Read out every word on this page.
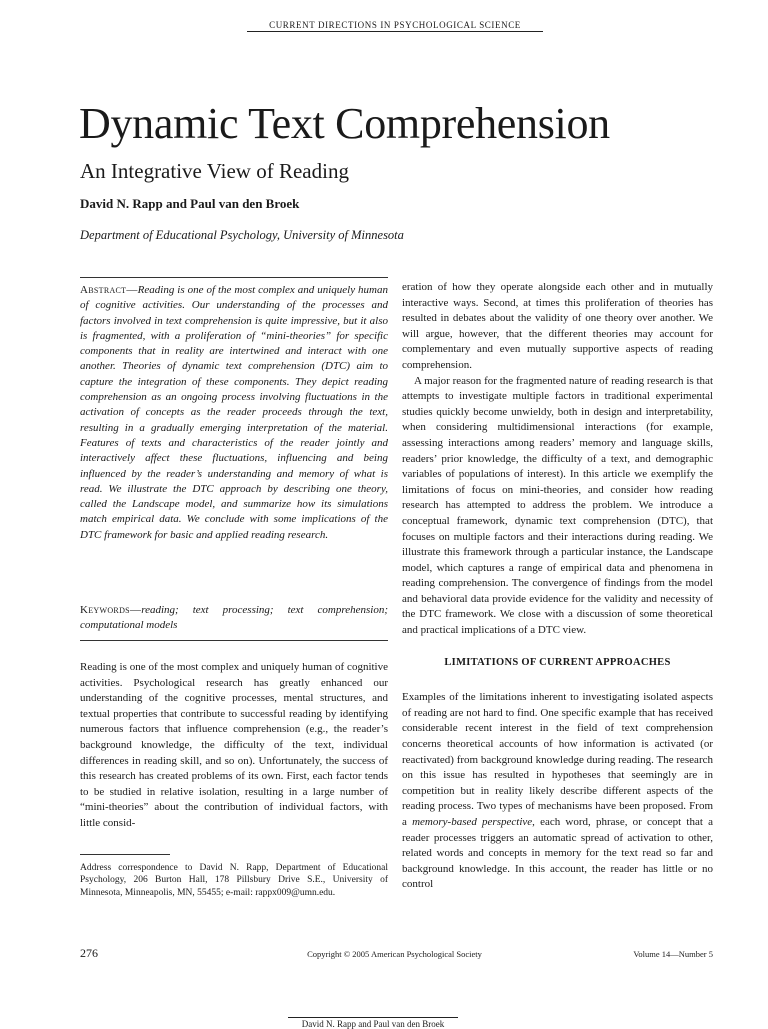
CURRENT DIRECTIONS IN PSYCHOLOGICAL SCIENCE
Dynamic Text Comprehension
An Integrative View of Reading
David N. Rapp and Paul van den Broek
Department of Educational Psychology, University of Minnesota
Abstract—Reading is one of the most complex and uniquely human of cognitive activities. Our understanding of the processes and factors involved in text comprehension is quite impressive, but it also is fragmented, with a proliferation of “mini-theories” for specific components that in reality are intertwined and interact with one another. Theories of dynamic text comprehension (DTC) aim to capture the integration of these components. They depict reading comprehension as an ongoing process involving fluctuations in the activation of concepts as the reader proceeds through the text, resulting in a gradually emerging interpretation of the material. Features of texts and characteristics of the reader jointly and interactively affect these fluctuations, influencing and being influenced by the reader’s understanding and memory of what is read. We illustrate the DTC approach by describing one theory, called the Landscape model, and summarize how its simulations match empirical data. We conclude with some implications of the DTC framework for basic and applied reading research.
Keywords—reading; text processing; text comprehension; computational models

Reading is one of the most complex and uniquely human of cognitive activities. Psychological research has greatly enhanced our understanding of the cognitive processes, mental structures, and textual properties that contribute to successful reading by identifying numerous factors that influence comprehension (e.g., the reader’s background knowledge, the difficulty of the text, individual differences in reading skill, and so on). Unfortunately, the success of this research has created problems of its own. First, each factor tends to be studied in relative isolation, resulting in a large number of “mini-theories” about the contribution of individual factors, with little consid-

Address correspondence to David N. Rapp, Department of Educational Psychology, 206 Burton Hall, 178 Pillsbury Drive S.E., University of Minnesota, Minneapolis, MN, 55455; e-mail: rappx009@umn.edu.

eration of how they operate alongside each other and in mutually interactive ways. Second, at times this proliferation of theories has resulted in debates about the validity of one theory over another. We will argue, however, that the different theories may account for complementary and even mutually supportive aspects of reading comprehension.

A major reason for the fragmented nature of reading research is that attempts to investigate multiple factors in traditional experimental studies quickly become unwieldy, both in design and interpretability, when considering multidimensional interactions (for example, assessing interactions among readers’ memory and language skills, readers’ prior knowledge, the difficulty of a text, and demographic variables of populations of interest). In this article we exemplify the limitations of focus on mini-theories, and consider how reading research has attempted to address the problem. We introduce a conceptual framework, dynamic text comprehension (DTC), that focuses on multiple factors and their interactions during reading. We illustrate this framework through a particular instance, the Landscape model, which captures a range of empirical data and phenomena in reading comprehension. The convergence of findings from the model and behavioral data provide evidence for the validity and necessity of the DTC framework. We close with a discussion of some theoretical and practical implications of a DTC view.

LIMITATIONS OF CURRENT APPROACHES

Examples of the limitations inherent to investigating isolated aspects of reading are not hard to find. One specific example that has received considerable recent interest in the field of text comprehension concerns theoretical accounts of how information is activated (or reactivated) from background knowledge during reading. The research on this issue has resulted in hypotheses that seemingly are in competition but in reality likely describe different aspects of the reading process. Two types of mechanisms have been proposed. From a memory-based perspective, each word, phrase, or concept that a reader processes triggers an automatic spread of activation to other, related words and concepts in memory for the text read so far and background knowledge. In this account, the reader has little or no control

276	Copyright © 2005 American Psychological Society	Volume 14—Number 5
David N. Rapp and Paul van den Broek
